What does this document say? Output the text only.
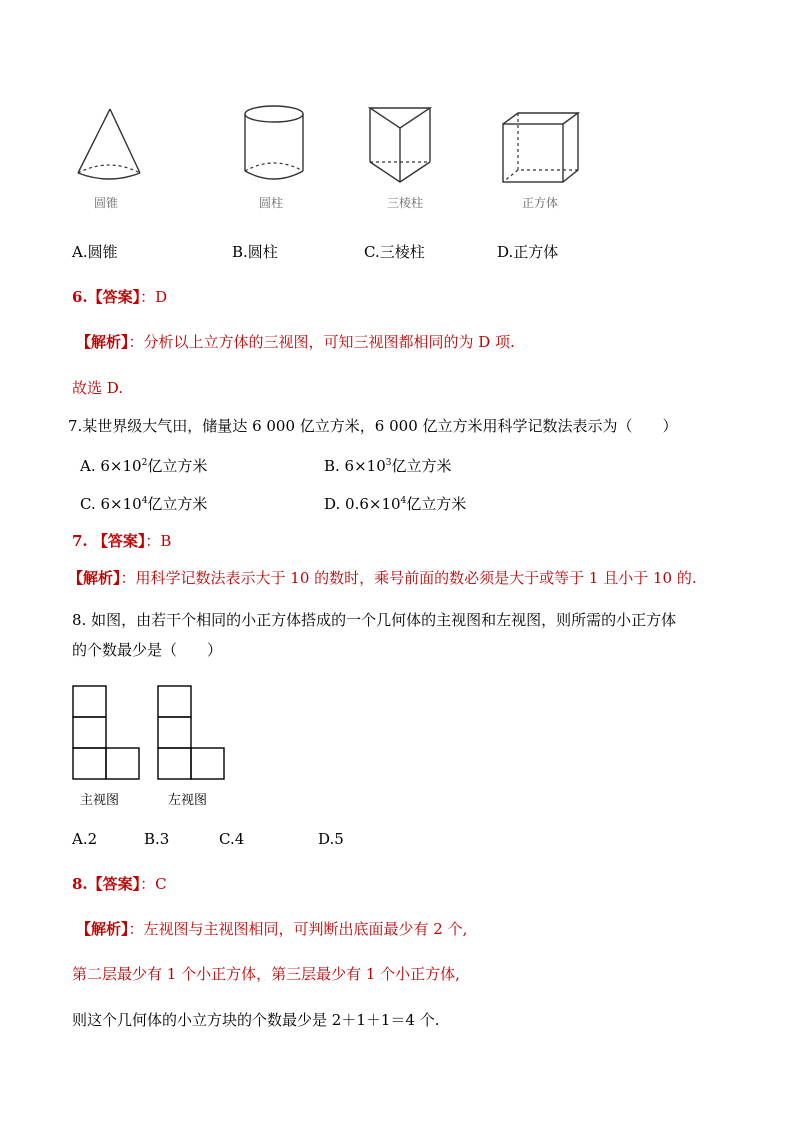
圆锥	圆柱	三棱柱	正方体
A.圆锥	B.圆柱	C.三棱柱	D.正方体
6.【答案】：D
【解析】：分析以上立方体的三视图，可知三视图都相同的为 D 项.
故选 D.
7.某世界级大气田，储量达 6 000 亿立方米，6 000 亿立方米用科学记数法表示为（　　）
A. $6\times 10^2$亿立方米	B. $6\times 10^3$亿立方米
C. $6\times 10^4$亿立方米	D. $0.6\times 10^4$亿立方米
7. 【答案】：B
【解析】：用科学记数法表示大于 10 的数时，乘号前面的数必须是大于或等于 1 且小于 10 的.
8. 如图，由若干个相同的小正方体搭成的一个几何体的主视图和左视图，则所需的小正方体
的个数最少是（　　）
主视图	左视图
A.2	B.3	C.4	D.5
8.【答案】：C
【解析】：左视图与主视图相同，可判断出底面最少有 2 个,
第二层最少有 1 个小正方体，第三层最少有 1 个小正方体,
则这个几何体的小立方块的个数最少是 2＋1＋1＝4 个.
